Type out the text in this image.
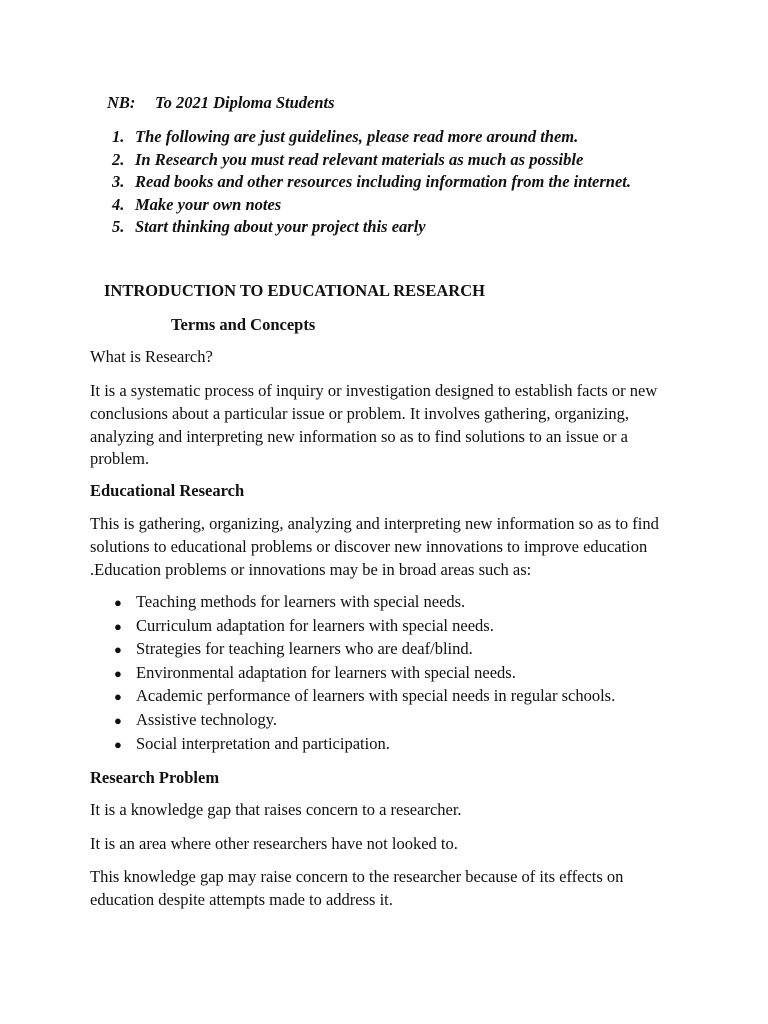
NB: To 2021 Diploma Students
1. The following are just guidelines, please read more around them.
2. In Research you must read relevant materials as much as possible
3. Read books and other resources including information from the internet.
4. Make your own notes
5. Start thinking about your project this early
INTRODUCTION TO EDUCATIONAL RESEARCH
Terms and Concepts

What is Research?

It is a systematic process of inquiry or investigation designed to establish facts or new conclusions about a particular issue or problem. It involves gathering, organizing, analyzing and interpreting new information so as to find solutions to an issue or a problem.

Educational Research

This is gathering, organizing, analyzing and interpreting new information so as to find solutions to educational problems or discover new innovations to improve education .Education problems or innovations may be in broad areas such as:

● Teaching methods for learners with special needs.
● Curriculum adaptation for learners with special needs.
● Strategies for teaching learners who are deaf/blind.
● Environmental adaptation for learners with special needs.
● Academic performance of learners with special needs in regular schools.
● Assistive technology.
● Social interpretation and participation.
Research Problem

It is a knowledge gap that raises concern to a researcher.

It is an area where other researchers have not looked to.

This knowledge gap may raise concern to the researcher because of its effects on education despite attempts made to address it.
